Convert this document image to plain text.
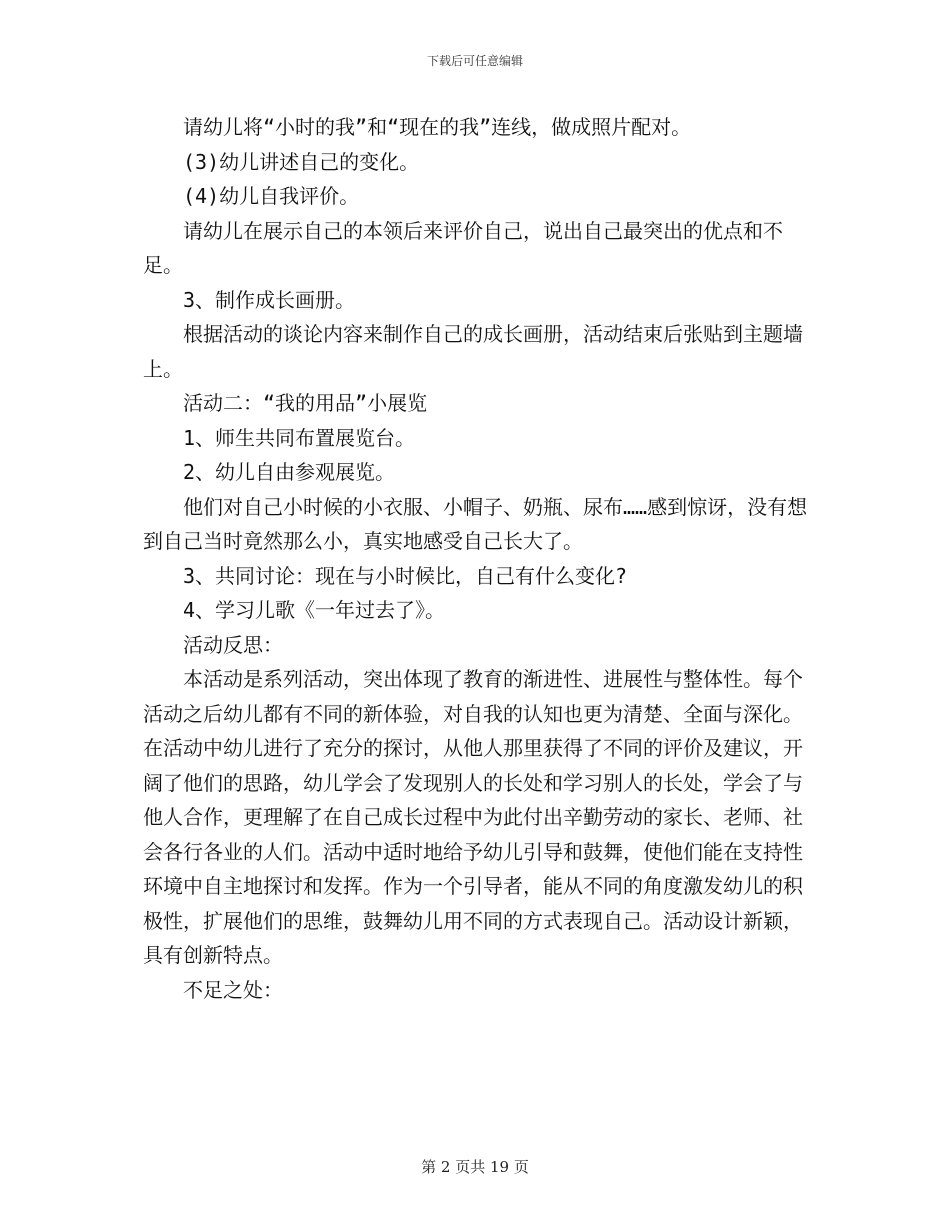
下载后可任意编辑

请幼儿将“小时的我”和“现在的我”连线，做成照片配对。

(3)幼儿讲述自己的变化。

(4)幼儿自我评价。

请幼儿在展示自己的本领后来评价自己，说出自己最突出的优点和不足。

3、制作成长画册。

根据活动的谈论内容来制作自己的成长画册，活动结束后张贴到主题墙上。

活动二：“我的用品”小展览

1、师生共同布置展览台。

2、幼儿自由参观展览。

他们对自己小时候的小衣服、小帽子、奶瓶、尿布……感到惊讶，没有想到自己当时竟然那么小，真实地感受自己长大了。

3、共同讨论：现在与小时候比，自己有什么变化?

4、学习儿歌《一年过去了》。

活动反思：

本活动是系列活动，突出体现了教育的渐进性、进展性与整体性。每个活动之后幼儿都有不同的新体验，对自我的认知也更为清楚、全面与深化。在活动中幼儿进行了充分的探讨，从他人那里获得了不同的评价及建议，开阔了他们的思路，幼儿学会了发现别人的长处和学习别人的长处，学会了与他人合作，更理解了在自己成长过程中为此付出辛勤劳动的家长、老师、社会各行各业的人们。活动中适时地给予幼儿引导和鼓舞，使他们能在支持性环境中自主地探讨和发挥。作为一个引导者，能从不同的角度激发幼儿的积极性，扩展他们的思维，鼓舞幼儿用不同的方式表现自己。活动设计新颖，具有创新特点。

不足之处：

第 2 页共 19 页
